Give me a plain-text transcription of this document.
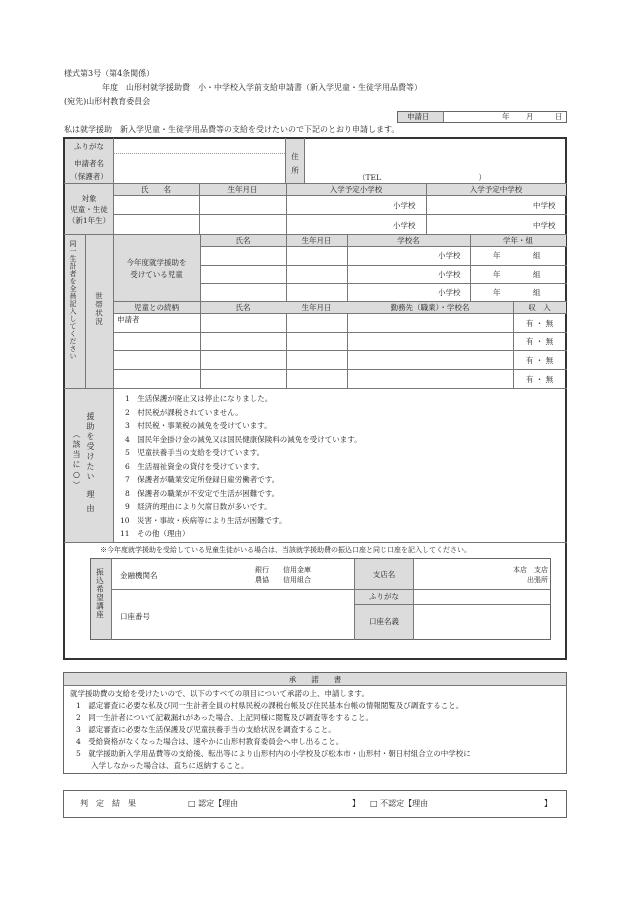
様式第3号（第4条関係）
年度　山形村就学援助費　小・中学校入学前支給申請書（新入学児童・生徒学用品費等）
(宛先)山形村教育委員会
申請日	年 月	日
私は就学援助　新入学児童・生徒学用品費等の支給を受けたいので下記のとおり申請します。
ふりがな
申請者名
（保護者）
住
所
（TEL　　　　　　　　　　　　　）
対象
児童・生徒
（新1年生）
氏　　名	生年月日	入学予定小学校	入学予定中学校
小学校	中学校
小学校	中学校
同一生計者を全員記入してください 世帯状況
今年度就学援助を
受けている児童
氏名	生年月日	学校名	学年・組
小学校	年	組
小学校	年	組
小学校	年	組
児童との続柄	氏名	生年月日	勤務先（職業）・学校名	収　入
申請者	有 ・ 無
有 ・ 無
有 ・ 無
有 ・ 無
援助を受けたい
（該当に○）
理由
1　生活保護が廃止又は停止になりました。
2　村民税が課税されていません。
3　村民税・事業税の減免を受けています。
4　国民年金掛け金の減免又は国民健康保険料の減免を受けています。
5　児童扶養手当の支給を受けています。
6　生活福祉資金の貸付を受けています。
7　保護者が職業安定所登録日雇労働者です。
8　保護者の職業が不安定で生活が困難です。
9　経済的理由により欠席日数が多いです。
10　災害・事故・疾病等により生活が困難です。
11　その他（理由）
※今年度就学援助を受給している児童生徒がいる場合は、当該就学援助費の振込口座と同じ口座を記入してください。
振込希望講座 金融機関名
銀行　　信用金庫
農協　　信用組合
支店名	本店　支店
出張所
ふりがな
口座名義
口座番号
承　　諾　　書
就学援助費の支給を受けたいので、以下のすべての項目について承諾の上、申請します。
1　認定審査に必要な私及び同一生計者全員の村県民税の課税台帳及び住民基本台帳の情報閲覧及び調査すること。
2　同一生計者について記載漏れがあった場合、上記同様に閲覧及び調査等をすること。
3　認定審査に必要な生活保護及び児童扶養手当の支給状況を調査すること。
4　受給資格がなくなった場合は、速やかに山形村教育委員会へ申し出ること。
5　就学援助新入学用品費等の支給後、転出等により山形村内の小学校及び松本市・山形村・朝日村組合立の中学校に
　　入学しなかった場合は、直ちに返納すること。
判　定　結　果	□ 認定【理由	】 □ 不認定【理由	】
